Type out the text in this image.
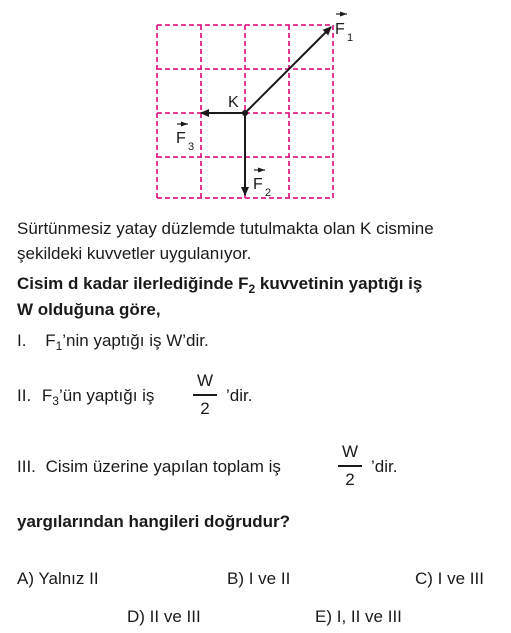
K
F 1
F 3
F 2
Sürtünmesiz yatay düzlemde tutulmakta olan K cismine
şekildeki kuvvetler uygulanıyor.
Cisim d kadar ilerlediğinde $F_2$ kuvvetinin yaptığı iş
W olduğuna göre,
I. $F_1’nin$ yaptığı iş W’dir.
II. $F_3’ün$ yaptığı iş
W
2
’dir.
III. Cisim üzerine yapılan toplam iş
W
2
’dir.
yargılarından hangileri doğrudur?
A) Yalnız II	B) I ve II	C) I ve III
D) II ve III	E) I, II ve III
